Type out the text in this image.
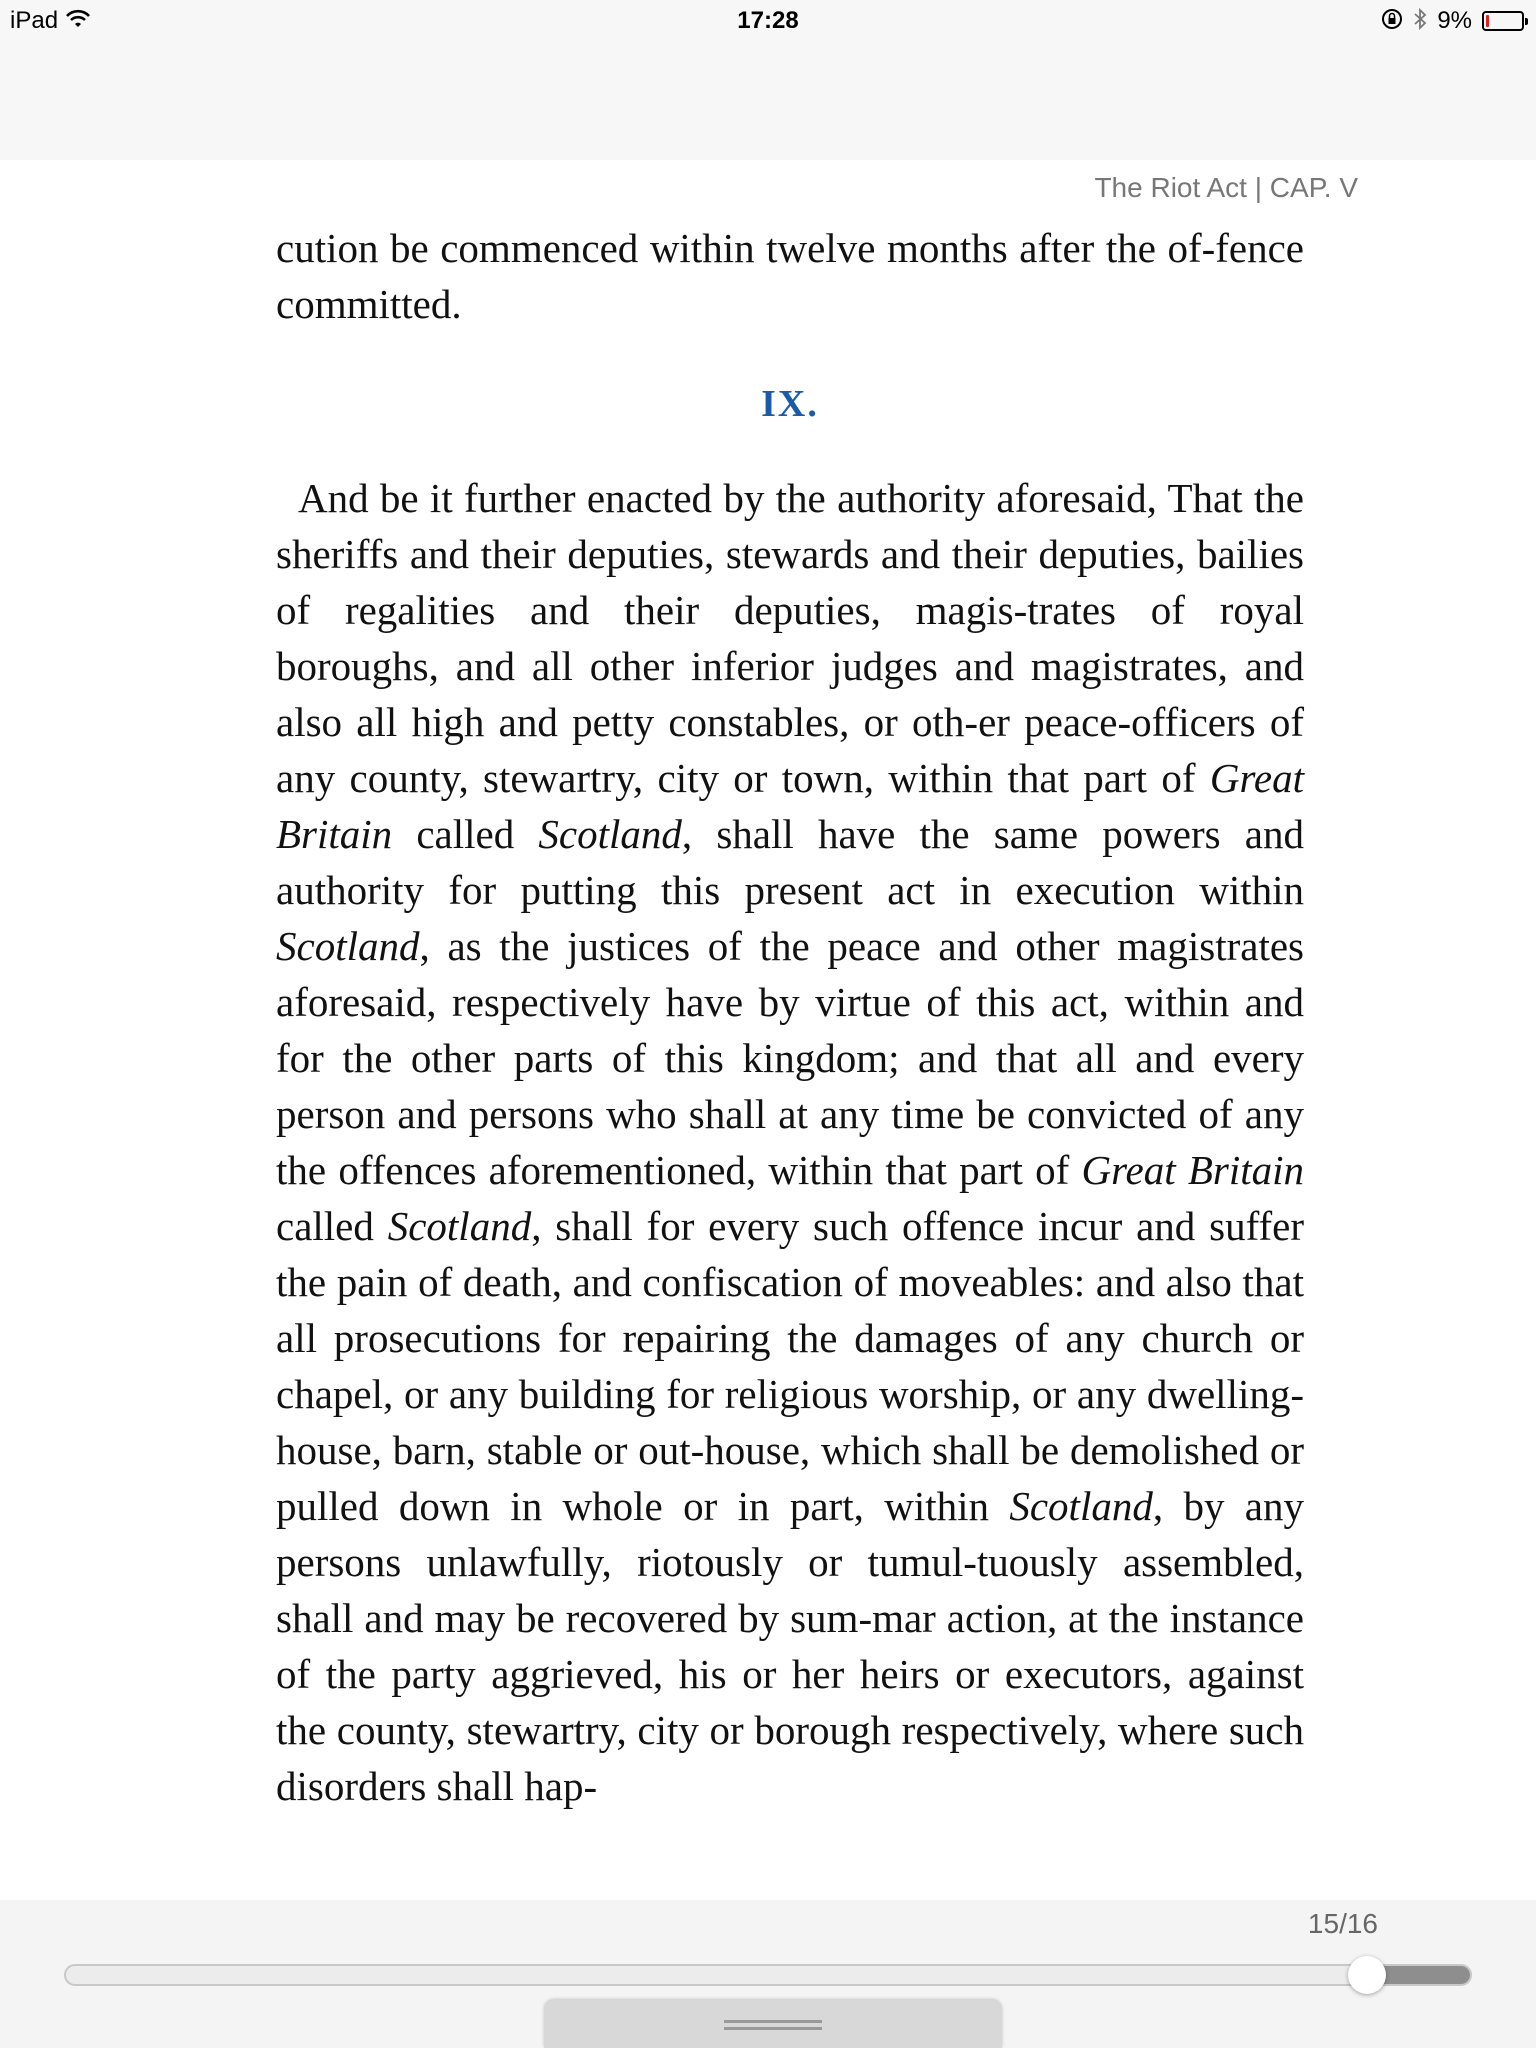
iPad	17:28	9%
The Riot Act | CAP. V

cution be commenced within twelve months after the of-fence committed.

IX.

And be it further enacted by the authority aforesaid, That the sheriffs and their deputies, stewards and their deputies, bailies of regalities and their deputies, magis-trates of royal boroughs, and all other inferior judges and magistrates, and also all high and petty constables, or oth-er peace-officers of any county, stewartry, city or town, within that part of Great Britain called Scotland, shall have the same powers and authority for putting this present act in execution within Scotland, as the justices of the peace and other magistrates aforesaid, respectively have by virtue of this act, within and for the other parts of this kingdom; and that all and every person and persons who shall at any time be convicted of any the offences aforementioned, within that part of Great Britain called Scotland, shall for every such offence incur and suffer the pain of death, and confiscation of moveables: and also that all prosecutions for repairing the damages of any church or chapel, or any building for religious worship, or any dwelling-house, barn, stable or out-house, which shall be demolished or pulled down in whole or in part, within Scotland, by any persons unlawfully, riotously or tumul-tuously assembled, shall and may be recovered by sum-mar action, at the instance of the party aggrieved, his or her heirs or executors, against the county, stewartry, city or borough respectively, where such disorders shall hap-

15/16
